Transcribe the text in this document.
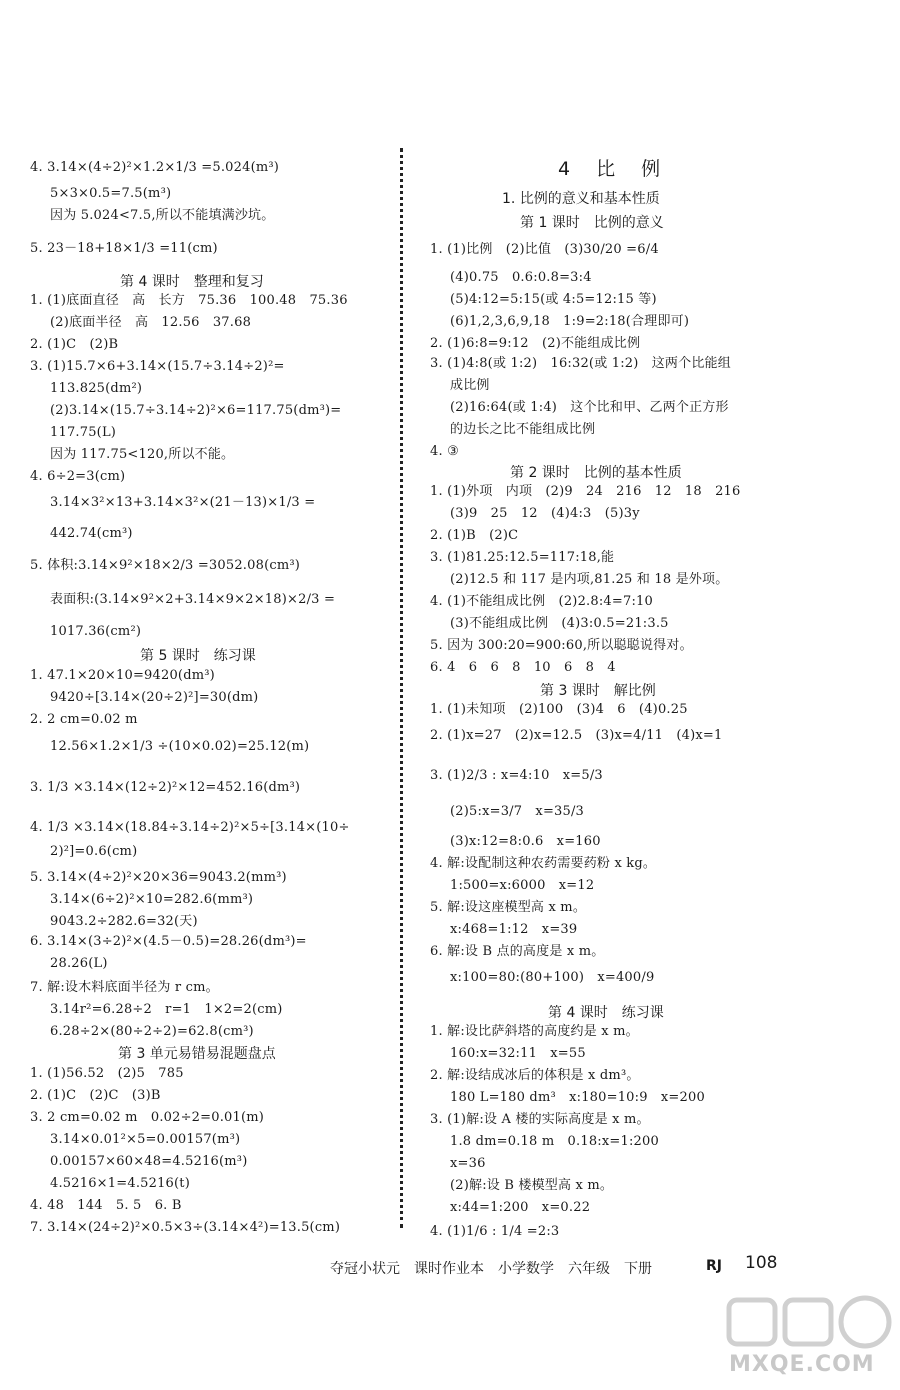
4. 3.14×(4÷2)²×1.2×1/3 =5.024(m³)
5×3×0.5=7.5(m³)
因为 5.024<7.5,所以不能填满沙坑。
5. 23－18+18×1/3 =11(cm)
第 4 课时　整理和复习
1. (1)底面直径　高　长方　75.36　100.48　75.36
(2)底面半径　高　12.56　37.68
2. (1)C　(2)B
3. (1)15.7×6+3.14×(15.7÷3.14÷2)²=
113.825(dm²)
(2)3.14×(15.7÷3.14÷2)²×6=117.75(dm³)=
117.75(L)
因为 117.75<120,所以不能。
4. 6÷2=3(cm)
3.14×3²×13+3.14×3²×(21－13)×1/3 =
442.74(cm³)
5. 体积:3.14×9²×18×2/3 =3052.08(cm³)
表面积:(3.14×9²×2+3.14×9×2×18)×2/3 =
1017.36(cm²)
第 5 课时　练习课
1. 47.1×20×10=9420(dm³)
9420÷[3.14×(20÷2)²]=30(dm)
2. 2 cm=0.02 m
12.56×1.2×1/3 ÷(10×0.02)=25.12(m)
3. 1/3 ×3.14×(12÷2)²×12=452.16(dm³)
4. 1/3 ×3.14×(18.84÷3.14÷2)²×5÷[3.14×(10÷
2)²]=0.6(cm)
5. 3.14×(4÷2)²×20×36=9043.2(mm³)
3.14×(6÷2)²×10=282.6(mm³)
9043.2÷282.6=32(天)
6. 3.14×(3÷2)²×(4.5－0.5)=28.26(dm³)=
28.26(L)
7. 解:设木料底面半径为 r cm。
3.14r²=6.28÷2　r=1　1×2=2(cm)
6.28÷2×(80÷2÷2)=62.8(cm³)
第 3 单元易错易混题盘点
1. (1)56.52　(2)5　785
2. (1)C　(2)C　(3)B
3. 2 cm=0.02 m　0.02÷2=0.01(m)
3.14×0.01²×5=0.00157(m³)
0.00157×60×48=4.5216(m³)
4.5216×1=4.5216(t)
4. 48　144　5. 5　6. B
7. 3.14×(24÷2)²×0.5×3÷(3.14×4²)=13.5(cm)
4 比 例
1. 比例的意义和基本性质
第 1 课时　比例的意义
1. (1)比例　(2)比值　(3)30/20 =6/4
(4)0.75　0.6:0.8=3:4
(5)4:12=5:15(或 4:5=12:15 等)
(6)1,2,3,6,9,18　1:9=2:18(合理即可)
2. (1)6:8=9:12　(2)不能组成比例
3. (1)4:8(或 1:2)　16:32(或 1:2)　这两个比能组
成比例
(2)16:64(或 1:4)　这个比和甲、乙两个正方形
的边长之比不能组成比例
4. ③
第 2 课时　比例的基本性质
1. (1)外项　内项　(2)9　24　216　12　18　216
(3)9　25　12　(4)4:3　(5)3y
2. (1)B　(2)C
3. (1)81.25:12.5=117:18,能
(2)12.5 和 117 是内项,81.25 和 18 是外项。
4. (1)不能组成比例　(2)2.8:4=7:10
(3)不能组成比例　(4)3:0.5=21:3.5
5. 因为 300:20=900:60,所以聪聪说得对。
6. 4　6　6　8　10　6　8　4
第 3 课时　解比例
1. (1)未知项　(2)100　(3)4　6　(4)0.25
2. (1)x=27　(2)x=12.5　(3)x=4/11　(4)x=1
3. (1)2/3 : x=4:10　x=5/3
(2)5:x=3/7　x=35/3
(3)x:12=8:0.6　x=160
4. 解:设配制这种农药需要药粉 x kg。
1:500=x:6000　x=12
5. 解:设这座模型高 x m。
x:468=1:12　x=39
6. 解:设 B 点的高度是 x m。
x:100=80:(80+100)　x=400/9
第 4 课时　练习课
1. 解:设比萨斜塔的高度约是 x m。
160:x=32:11　x=55
2. 解:设结成冰后的体积是 x dm³。
180 L=180 dm³　x:180=10:9　x=200
3. (1)解:设 A 楼的实际高度是 x m。
1.8 dm=0.18 m　0.18:x=1:200
x=36
(2)解:设 B 楼模型高 x m。
x:44=1:200　x=0.22
4. (1)1/6 : 1/4 =2:3
夺冠小状元　课时作业本　小学数学　六年级　下册	RJ 108
MXQE.COM
